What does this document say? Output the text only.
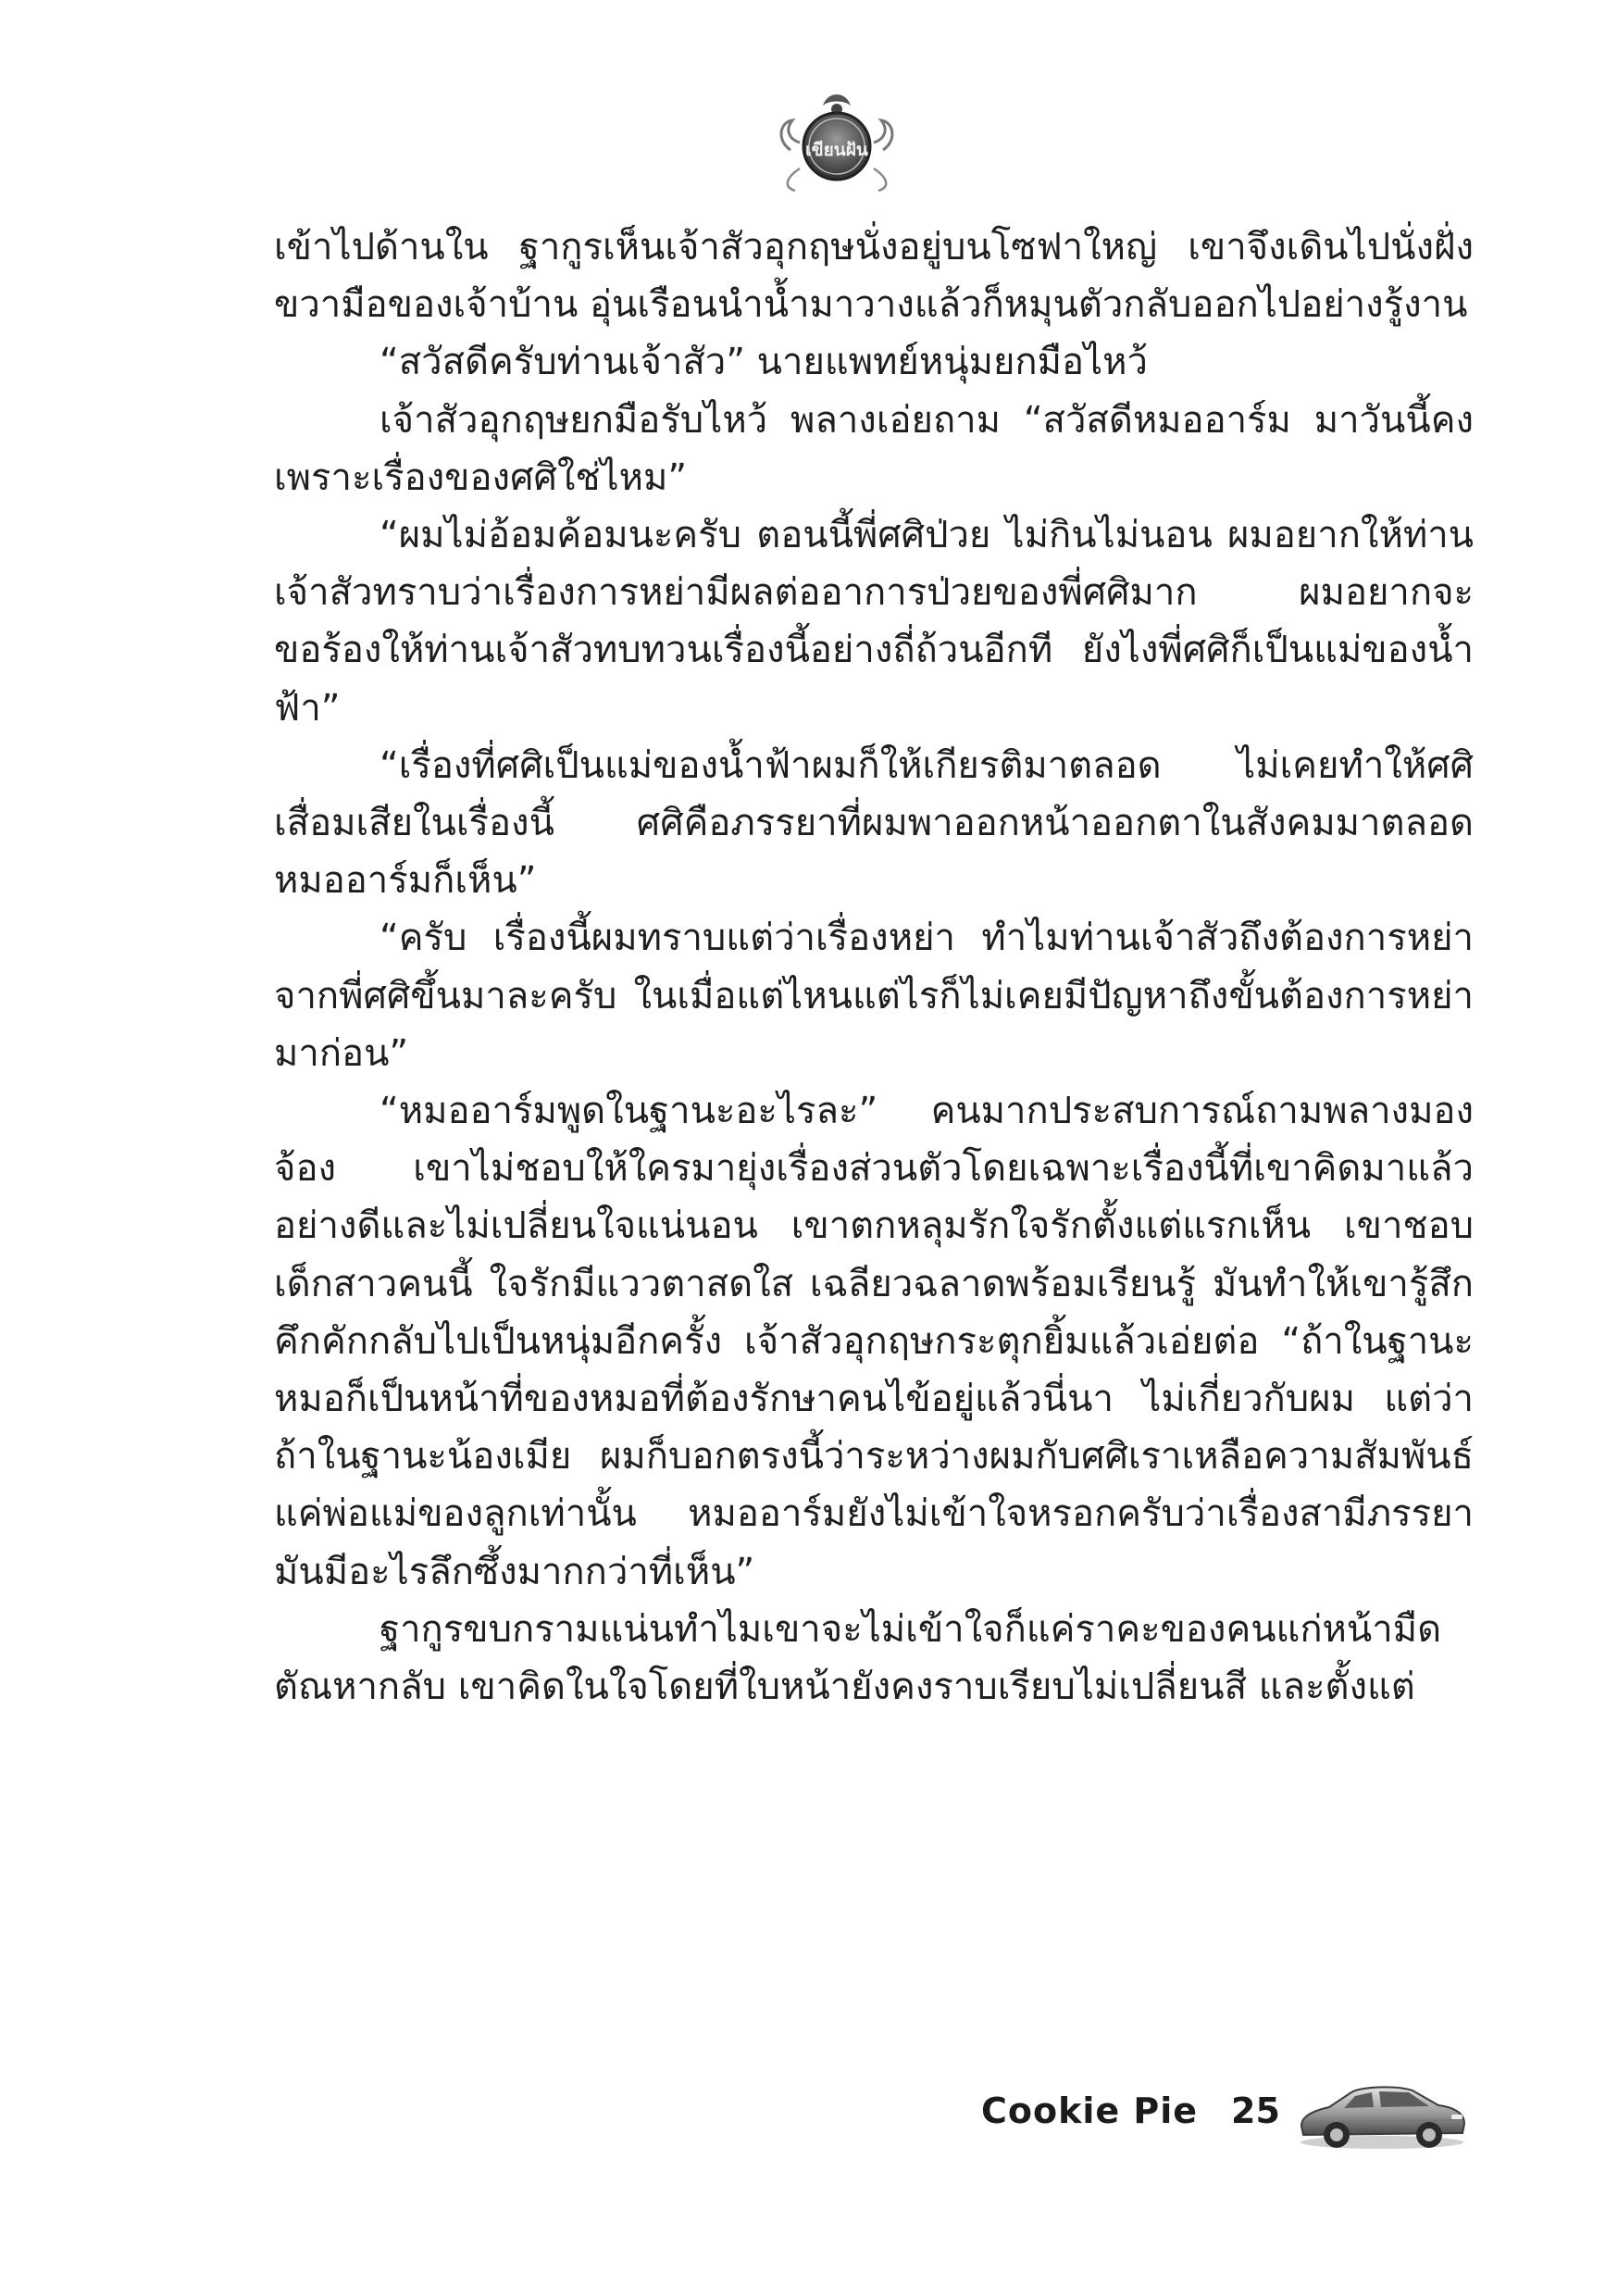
เขียนฝัน

เข้าไปด้านใน ฐากูรเห็นเจ้าสัวอุกฤษนั่งอยู่บนโซฟาใหญ่ เขาจึงเดินไปนั่งฝั่งขวามือของเจ้าบ้าน อุ่นเรือนนำน้ำมาวางแล้วก็หมุนตัวกลับออกไปอย่างรู้งาน

“สวัสดีครับท่านเจ้าสัว” นายแพทย์หนุ่มยกมือไหว้

เจ้าสัวอุกฤษยกมือรับไหว้ พลางเอ่ยถาม “สวัสดีหมออาร์ม มาวันนี้คงเพราะเรื่องของศศิใช่ไหม”

“ผมไม่อ้อมค้อมนะครับ ตอนนี้พี่ศศิป่วย ไม่กินไม่นอน ผมอยากให้ท่านเจ้าสัวทราบว่าเรื่องการหย่ามีผลต่ออาการป่วยของพี่ศศิมาก ผมอยากจะขอร้องให้ท่านเจ้าสัวทบทวนเรื่องนี้อย่างถี่ถ้วนอีกที ยังไงพี่ศศิก็เป็นแม่ของน้ำฟ้า”

“เรื่องที่ศศิเป็นแม่ของน้ำฟ้าผมก็ให้เกียรติมาตลอด ไม่เคยทำให้ศศิเสื่อมเสียในเรื่องนี้ ศศิคือภรรยาที่ผมพาออกหน้าออกตาในสังคมมาตลอด หมออาร์มก็เห็น”

“ครับ เรื่องนี้ผมทราบแต่ว่าเรื่องหย่า ทำไมท่านเจ้าสัวถึงต้องการหย่าจากพี่ศศิขึ้นมาละครับ ในเมื่อแต่ไหนแต่ไรก็ไม่เคยมีปัญหาถึงขั้นต้องการหย่ามาก่อน”

“หมออาร์มพูดในฐานะอะไรละ” คนมากประสบการณ์ถามพลางมองจ้อง เขาไม่ชอบให้ใครมายุ่งเรื่องส่วนตัวโดยเฉพาะเรื่องนี้ที่เขาคิดมาแล้วอย่างดีและไม่เปลี่ยนใจแน่นอน เขาตกหลุมรักใจรักตั้งแต่แรกเห็น เขาชอบเด็กสาวคนนี้ ใจรักมีแววตาสดใส เฉลียวฉลาดพร้อมเรียนรู้ มันทำให้เขารู้สึกคึกคักกลับไปเป็นหนุ่มอีกครั้ง เจ้าสัวอุกฤษกระตุกยิ้มแล้วเอ่ยต่อ “ถ้าในฐานะหมอก็เป็นหน้าที่ของหมอที่ต้องรักษาคนไข้อยู่แล้วนี่นา ไม่เกี่ยวกับผม แต่ว่าถ้าในฐานะน้องเมีย ผมก็บอกตรงนี้ว่าระหว่างผมกับศศิเราเหลือความสัมพันธ์แค่พ่อแม่ของลูกเท่านั้น หมออาร์มยังไม่เข้าใจหรอกครับว่าเรื่องสามีภรรยามันมีอะไรลึกซึ้งมากกว่าที่เห็น”

ฐากูรขบกรามแน่นทำไมเขาจะไม่เข้าใจก็แค่ราคะของคนแก่หน้ามืดตัณหากลับ เขาคิดในใจโดยที่ใบหน้ายังคงราบเรียบไม่เปลี่ยนสี และตั้งแต่

Cookie Pie 25
